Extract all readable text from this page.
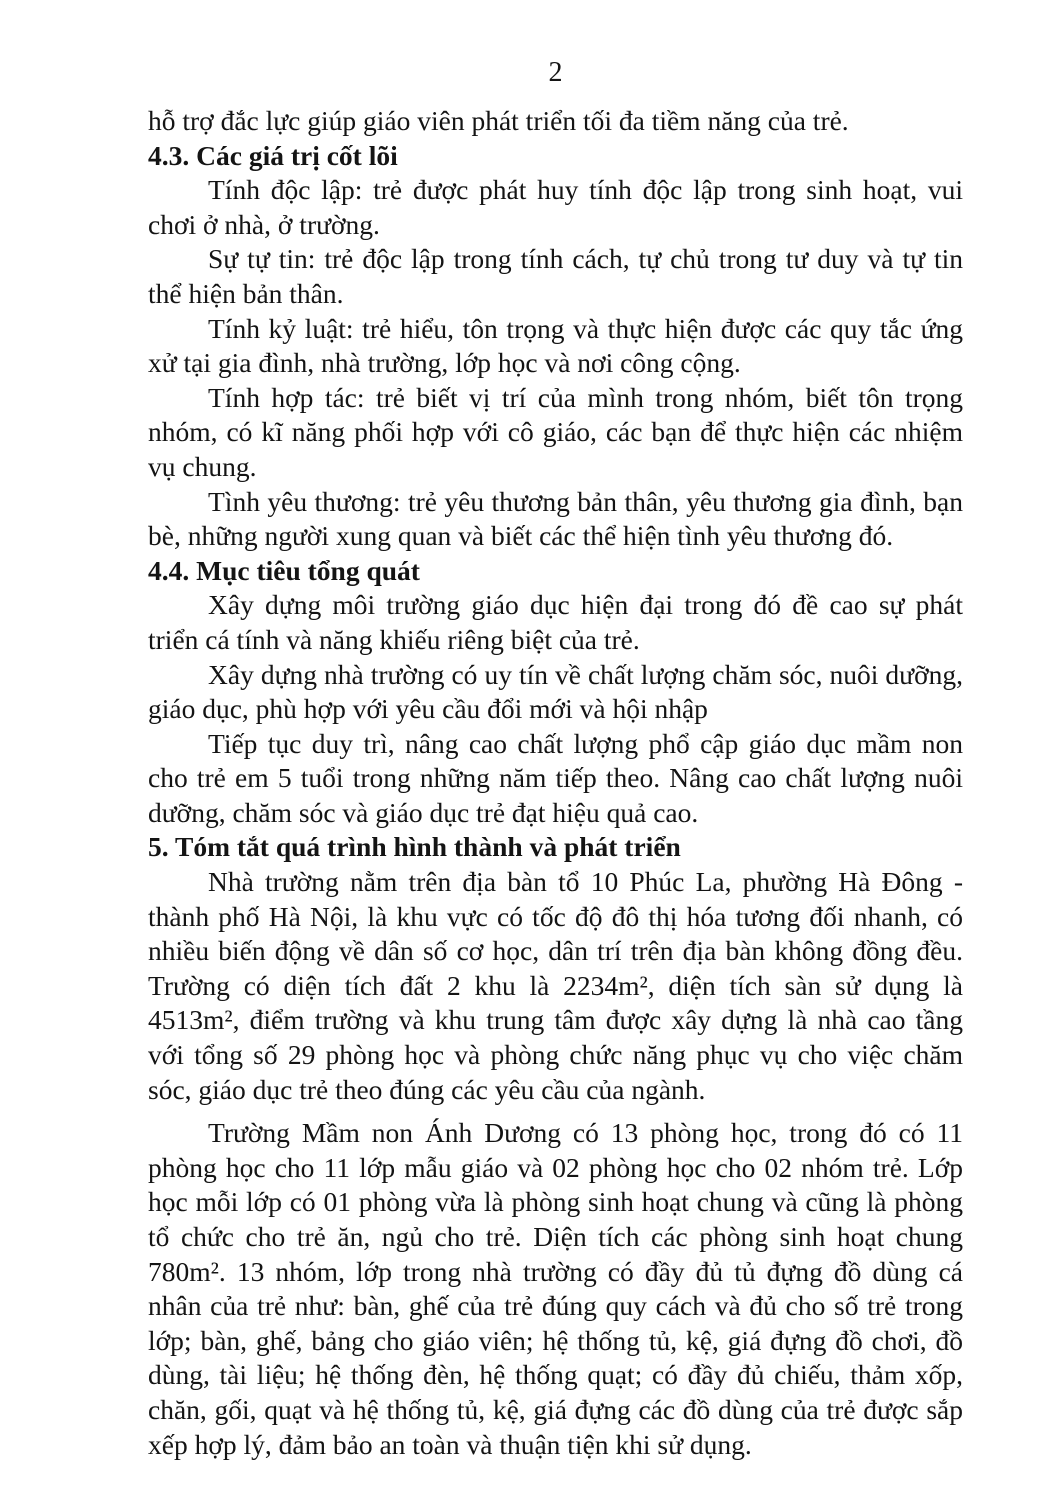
2

hỗ trợ đắc lực giúp giáo viên phát triển tối đa tiềm năng của trẻ.

4.3. Các giá trị cốt lõi

Tính độc lập: trẻ được phát huy tính độc lập trong sinh hoạt, vui chơi ở nhà, ở trường.

Sự tự tin: trẻ độc lập trong tính cách, tự chủ trong tư duy và tự tin thể hiện bản thân.

Tính kỷ luật: trẻ hiểu, tôn trọng và thực hiện được các quy tắc ứng xử tại gia đình, nhà trường, lớp học và nơi công cộng.

Tính hợp tác: trẻ biết vị trí của mình trong nhóm, biết tôn trọng nhóm, có kĩ năng phối hợp với cô giáo, các bạn để thực hiện các nhiệm vụ chung.

Tình yêu thương: trẻ yêu thương bản thân, yêu thương gia đình, bạn bè, những người xung quan và biết các thể hiện tình yêu thương đó.

4.4. Mục tiêu tổng quát

Xây dựng môi trường giáo dục hiện đại trong đó đề cao sự phát triển cá tính và năng khiếu riêng biệt của trẻ.

Xây dựng nhà trường có uy tín về chất lượng chăm sóc, nuôi dưỡng, giáo dục, phù hợp với yêu cầu đổi mới và hội nhập

Tiếp tục duy trì, nâng cao chất lượng phổ cập giáo dục mầm non cho trẻ em 5 tuổi trong những năm tiếp theo. Nâng cao chất lượng nuôi dưỡng, chăm sóc và giáo dục trẻ đạt hiệu quả cao.

5. Tóm tắt quá trình hình thành và phát triển

Nhà trường nằm trên địa bàn tổ 10 Phúc La, phường Hà Đông - thành phố Hà Nội, là khu vực có tốc độ đô thị hóa tương đối nhanh, có nhiều biến động về dân số cơ học, dân trí trên địa bàn không đồng đều. Trường có diện tích đất 2 khu là 2234m², diện tích sàn sử dụng là 4513m², điểm trường và khu trung tâm được xây dựng là nhà cao tầng với tổng số 29 phòng học và phòng chức năng phục vụ cho việc chăm sóc, giáo dục trẻ theo đúng các yêu cầu của ngành.

Trường Mầm non Ánh Dương có 13 phòng học, trong đó có 11 phòng học cho 11 lớp mẫu giáo và 02 phòng học cho 02 nhóm trẻ. Lớp học mỗi lớp có 01 phòng vừa là phòng sinh hoạt chung và cũng là phòng tổ chức cho trẻ ăn, ngủ cho trẻ. Diện tích các phòng sinh hoạt chung 780m². 13 nhóm, lớp trong nhà trường có đầy đủ tủ đựng đồ dùng cá nhân của trẻ như: bàn, ghế của trẻ đúng quy cách và đủ cho số trẻ trong lớp; bàn, ghế, bảng cho giáo viên; hệ thống tủ, kệ, giá đựng đồ chơi, đồ dùng, tài liệu; hệ thống đèn, hệ thống quạt; có đầy đủ chiếu, thảm xốp, chăn, gối, quạt và hệ thống tủ, kệ, giá đựng các đồ dùng của trẻ được sắp xếp hợp lý, đảm bảo an toàn và thuận tiện khi sử dụng.
